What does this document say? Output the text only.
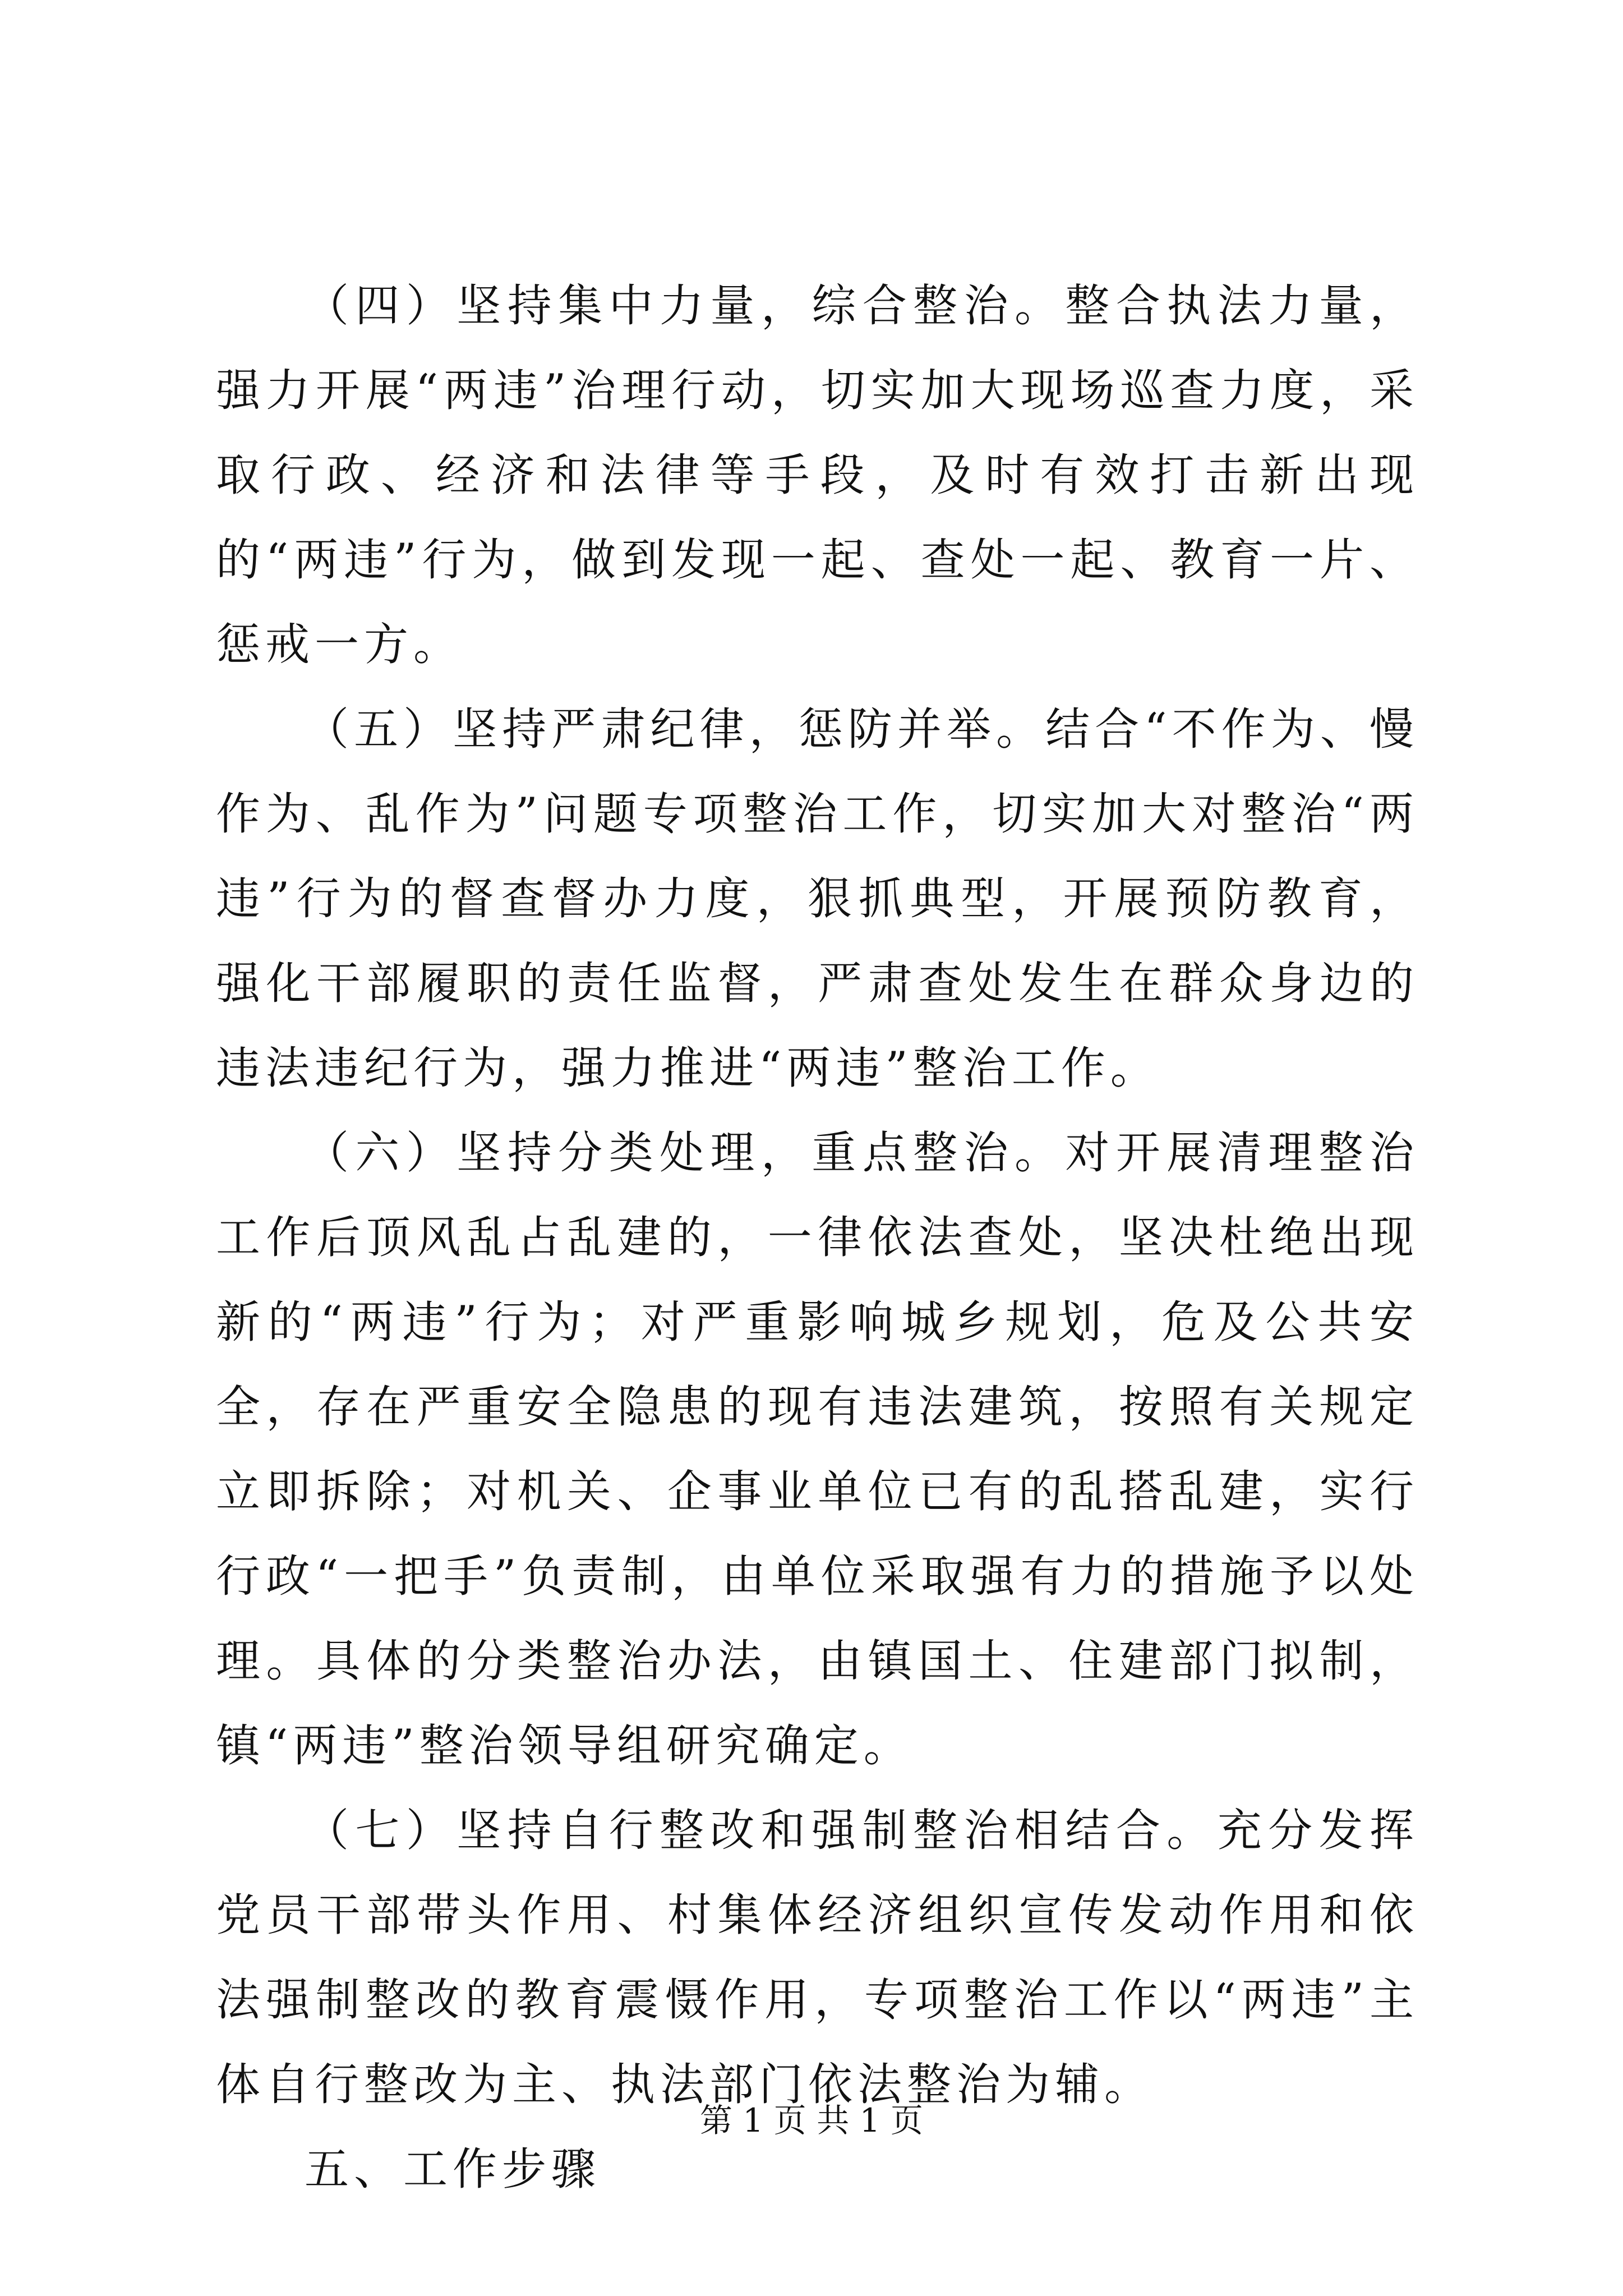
（四）坚持集中力量，综合整治。整合执法力量，强力开展“两违”治理行动，切实加大现场巡查力度，采取行政、经济和法律等手段，及时有效打击新出现的“两违”行为，做到发现一起、查处一起、教育一片、惩戒一方。

（五）坚持严肃纪律，惩防并举。结合“不作为、慢作为、乱作为”问题专项整治工作，切实加大对整治“两违”行为的督查督办力度，狠抓典型，开展预防教育，强化干部履职的责任监督，严肃查处发生在群众身边的违法违纪行为，强力推进“两违”整治工作。

（六）坚持分类处理，重点整治。对开展清理整治工作后顶风乱占乱建的，一律依法查处，坚决杜绝出现新的“两违”行为；对严重影响城乡规划，危及公共安全，存在严重安全隐患的现有违法建筑，按照有关规定立即拆除；对机关、企事业单位已有的乱搭乱建，实行行政“一把手”负责制，由单位采取强有力的措施予以处理。具体的分类整治办法，由镇国土、住建部门拟制，镇“两违”整治领导组研究确定。

（七）坚持自行整改和强制整治相结合。充分发挥党员干部带头作用、村集体经济组织宣传发动作用和依法强制整改的教育震慑作用，专项整治工作以“两违”主体自行整改为主、执法部门依法整治为辅。

五、工作步骤

第 1 页 共 1 页
